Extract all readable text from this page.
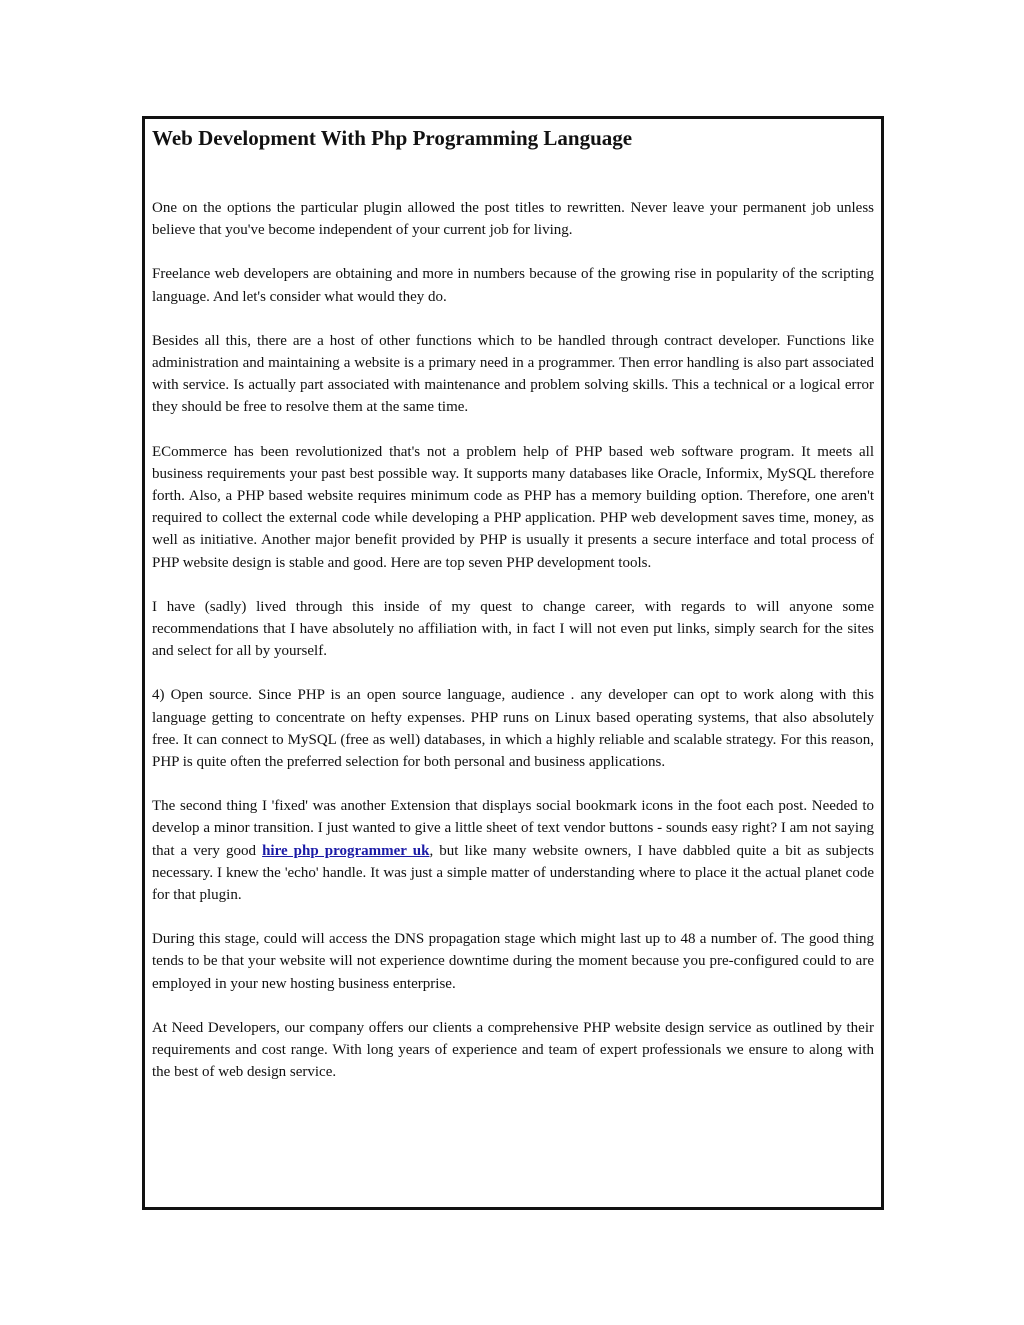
Web Development With Php Programming Language

One on the options the particular plugin allowed the post titles to rewritten. Never leave your permanent job unless believe that you've become independent of your current job for living.

Freelance web developers are obtaining and more in numbers because of the growing rise in popularity of the scripting language. And let's consider what would they do.

Besides all this, there are a host of other functions which to be handled through contract developer. Functions like administration and maintaining a website is a primary need in a programmer. Then error handling is also part associated with service. Is actually part associated with maintenance and problem solving skills. This a technical or a logical error they should be free to resolve them at the same time.

ECommerce has been revolutionized that's not a problem help of PHP based web software program. It meets all business requirements your past best possible way. It supports many databases like Oracle, Informix, MySQL therefore forth. Also, a PHP based website requires minimum code as PHP has a memory building option. Therefore, one aren't required to collect the external code while developing a PHP application. PHP web development saves time, money, as well as initiative. Another major benefit provided by PHP is usually it presents a secure interface and total process of PHP website design is stable and good. Here are top seven PHP development tools.

I have (sadly) lived through this inside of my quest to change career, with regards to will anyone some recommendations that I have absolutely no affiliation with, in fact I will not even put links, simply search for the sites and select for all by yourself.

4) Open source. Since PHP is an open source language, audience . any developer can opt to work along with this language getting to concentrate on hefty expenses. PHP runs on Linux based operating systems, that also absolutely free. It can connect to MySQL (free as well) databases, in which a highly reliable and scalable strategy. For this reason, PHP is quite often the preferred selection for both personal and business applications.

The second thing I 'fixed' was another Extension that displays social bookmark icons in the foot each post. Needed to develop a minor transition. I just wanted to give a little sheet of text vendor buttons - sounds easy right? I am not saying that a very good hire php programmer uk, but like many website owners, I have dabbled quite a bit as subjects necessary. I knew the 'echo' handle. It was just a simple matter of understanding where to place it the actual planet code for that plugin.

During this stage, could will access the DNS propagation stage which might last up to 48 a number of. The good thing tends to be that your website will not experience downtime during the moment because you pre-configured could to are employed in your new hosting business enterprise.

At Need Developers, our company offers our clients a comprehensive PHP website design service as outlined by their requirements and cost range. With long years of experience and team of expert professionals we ensure to along with the best of web design service.
